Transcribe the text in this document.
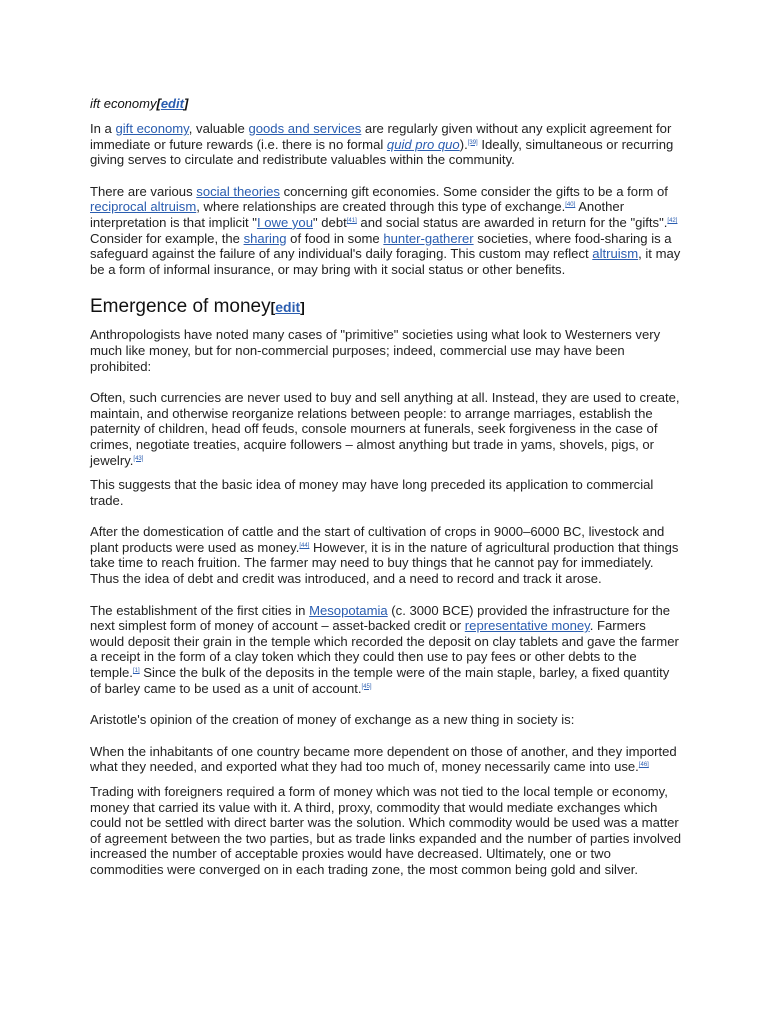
ift economy[edit]

In a gift economy, valuable goods and services are regularly given without any explicit agreement for immediate or future rewards (i.e. there is no formal quid pro quo).[39] Ideally, simultaneous or recurring giving serves to circulate and redistribute valuables within the community.

There are various social theories concerning gift economies. Some consider the gifts to be a form of reciprocal altruism, where relationships are created through this type of exchange.[40] Another interpretation is that implicit "I owe you" debt[41] and social status are awarded in return for the "gifts".[42] Consider for example, the sharing of food in some hunter-gatherer societies, where food-sharing is a safeguard against the failure of any individual's daily foraging. This custom may reflect altruism, it may be a form of informal insurance, or may bring with it social status or other benefits.

Emergence of money[edit]

Anthropologists have noted many cases of "primitive" societies using what look to Westerners very much like money, but for non-commercial purposes; indeed, commercial use may have been prohibited:

Often, such currencies are never used to buy and sell anything at all. Instead, they are used to create, maintain, and otherwise reorganize relations between people: to arrange marriages, establish the paternity of children, head off feuds, console mourners at funerals, seek forgiveness in the case of crimes, negotiate treaties, acquire followers – almost anything but trade in yams, shovels, pigs, or jewelry.[43]

This suggests that the basic idea of money may have long preceded its application to commercial trade.

After the domestication of cattle and the start of cultivation of crops in 9000–6000 BC, livestock and plant products were used as money.[44] However, it is in the nature of agricultural production that things take time to reach fruition. The farmer may need to buy things that he cannot pay for immediately. Thus the idea of debt and credit was introduced, and a need to record and track it arose.

The establishment of the first cities in Mesopotamia (c. 3000 BCE) provided the infrastructure for the next simplest form of money of account – asset-backed credit or representative money. Farmers would deposit their grain in the temple which recorded the deposit on clay tablets and gave the farmer a receipt in the form of a clay token which they could then use to pay fees or other debts to the temple.[1] Since the bulk of the deposits in the temple were of the main staple, barley, a fixed quantity of barley came to be used as a unit of account.[45]

Aristotle's opinion of the creation of money of exchange as a new thing in society is:

When the inhabitants of one country became more dependent on those of another, and they imported what they needed, and exported what they had too much of, money necessarily came into use.[46]

Trading with foreigners required a form of money which was not tied to the local temple or economy, money that carried its value with it. A third, proxy, commodity that would mediate exchanges which could not be settled with direct barter was the solution. Which commodity would be used was a matter of agreement between the two parties, but as trade links expanded and the number of parties involved increased the number of acceptable proxies would have decreased. Ultimately, one or two commodities were converged on in each trading zone, the most common being gold and silver.
